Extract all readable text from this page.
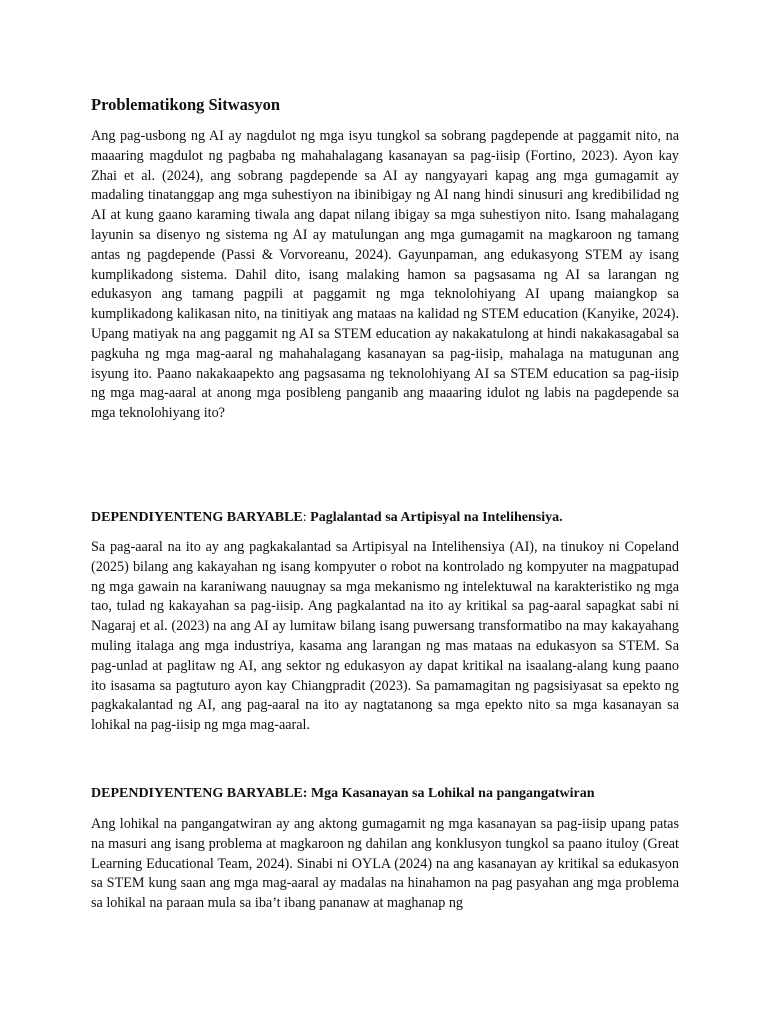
Problematikong Sitwasyon

Ang pag-usbong ng AI ay nagdulot ng mga isyu tungkol sa sobrang pagdepende at paggamit nito, na maaaring magdulot ng pagbaba ng mahahalagang kasanayan sa pag-iisip (Fortino, 2023). Ayon kay Zhai et al. (2024), ang sobrang pagdepende sa AI ay nangyayari kapag ang mga gumagamit ay madaling tinatanggap ang mga suhestiyon na ibinibigay ng AI nang hindi sinusuri ang kredibilidad ng AI at kung gaano karaming tiwala ang dapat nilang ibigay sa mga suhestiyon nito. Isang mahalagang layunin sa disenyo ng sistema ng AI ay matulungan ang mga gumagamit na magkaroon ng tamang antas ng pagdepende (Passi & Vorvoreanu, 2024). Gayunpaman, ang edukasyong STEM ay isang kumplikadong sistema. Dahil dito, isang malaking hamon sa pagsasama ng AI sa larangan ng edukasyon ang tamang pagpili at paggamit ng mga teknolohiyang AI upang maiangkop sa kumplikadong kalikasan nito, na tinitiyak ang mataas na kalidad ng STEM education (Kanyike, 2024). Upang matiyak na ang paggamit ng AI sa STEM education ay nakakatulong at hindi nakakasagabal sa pagkuha ng mga mag-aaral ng mahahalagang kasanayan sa pag-iisip, mahalaga na matugunan ang isyung ito. Paano nakakaapekto ang pagsasama ng teknolohiyang AI sa STEM education sa pag-iisip ng mga mag-aaral at anong mga posibleng panganib ang maaaring idulot ng labis na pagdepende sa mga teknolohiyang ito?

DEPENDIYENTENG BARYABLE: Paglalantad sa Artipisyal na Intelihensiya.

Sa pag-aaral na ito ay ang pagkakalantad sa Artipisyal na Intelihensiya (AI), na tinukoy ni Copeland (2025) bilang ang kakayahan ng isang kompyuter o robot na kontrolado ng kompyuter na magpatupad ng mga gawain na karaniwang nauugnay sa mga mekanismo ng intelektuwal na karakteristiko ng mga tao, tulad ng kakayahan sa pag-iisip. Ang pagkalantad na ito ay kritikal sa pag-aaral sapagkat sabi ni Nagaraj et al. (2023) na ang AI ay lumitaw bilang isang puwersang transformatibo na may kakayahang muling italaga ang mga industriya, kasama ang larangan ng mas mataas na edukasyon sa STEM. Sa pag-unlad at paglitaw ng AI, ang sektor ng edukasyon ay dapat kritikal na isaalang-alang kung paano ito isasama sa pagtuturo ayon kay Chiangpradit (2023). Sa pamamagitan ng pagsisiyasat sa epekto ng pagkakalantad ng AI, ang pag-aaral na ito ay nagtatanong sa mga epekto nito sa mga kasanayan sa lohikal na pag-iisip ng mga mag-aaral.

DEPENDIYENTENG BARYABLE: Mga Kasanayan sa Lohikal na pangangatwiran

Ang lohikal na pangangatwiran ay ang aktong gumagamit ng mga kasanayan sa pag-iisip upang patas na masuri ang isang problema at magkaroon ng dahilan ang konklusyon tungkol sa paano ituloy (Great Learning Educational Team, 2024). Sinabi ni OYLA (2024) na ang kasanayan ay kritikal sa edukasyon sa STEM kung saan ang mga mag-aaral ay madalas na hinahamon na pag pasyahan ang mga problema sa lohikal na paraan mula sa iba’t ibang pananaw at maghanap ng
